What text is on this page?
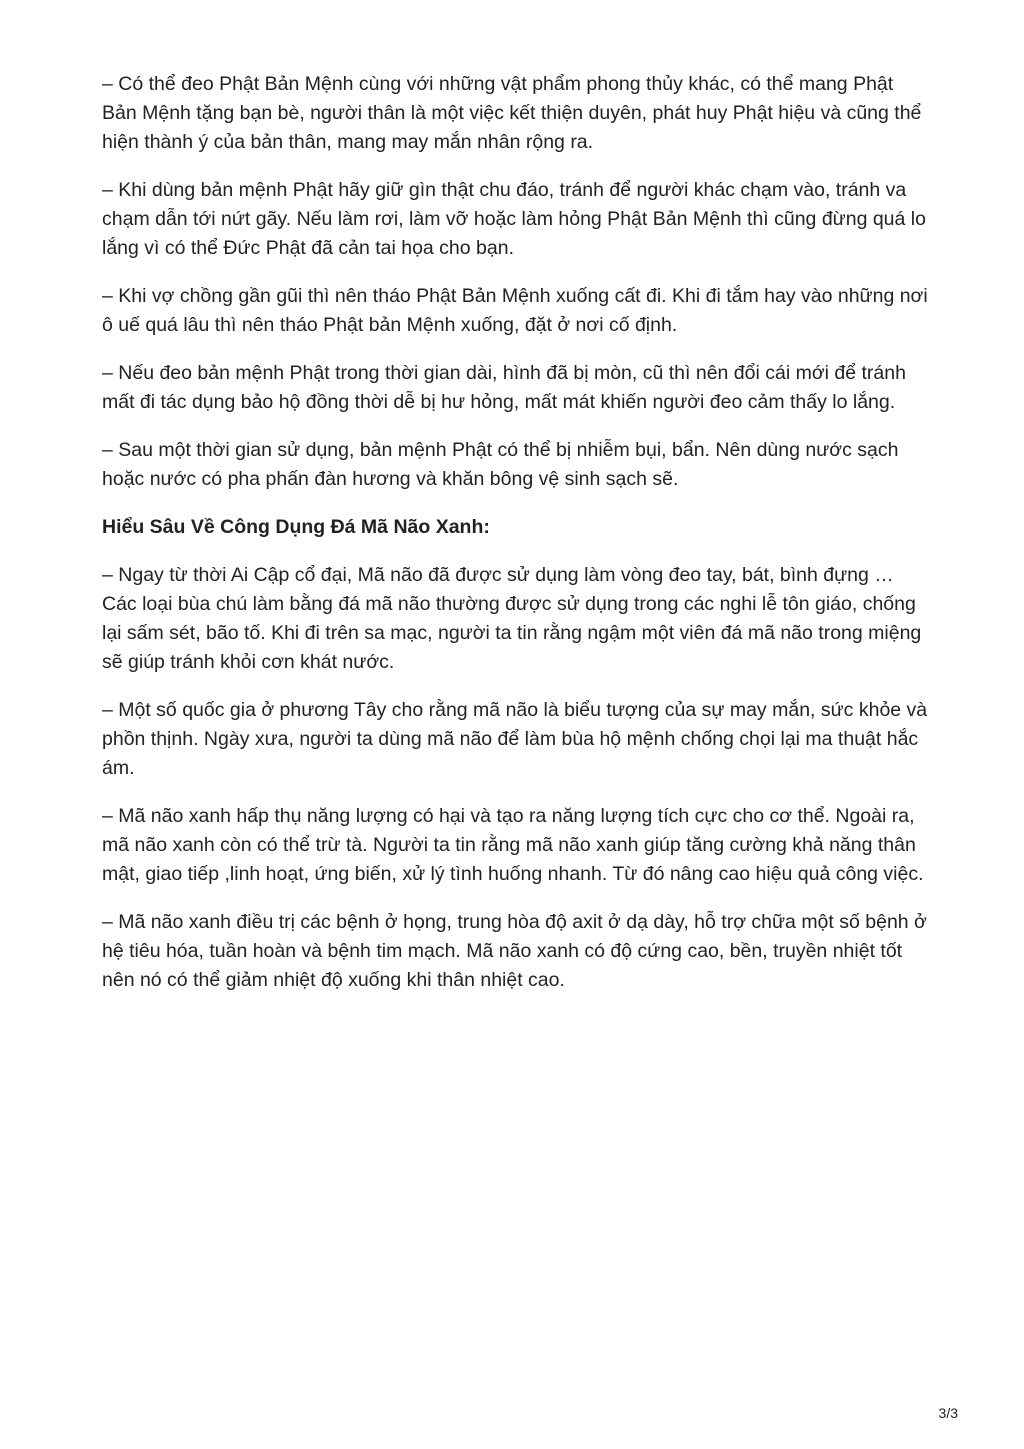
– Có thể đeo Phật Bản Mệnh cùng với những vật phẩm phong thủy khác, có thể mang Phật Bản Mệnh tặng bạn bè, người thân là một việc kết thiện duyên, phát huy Phật hiệu và cũng thể hiện thành ý của bản thân, mang may mắn nhân rộng ra.

– Khi dùng bản mệnh Phật hãy giữ gìn thật chu đáo, tránh để người khác chạm vào, tránh va chạm dẫn tới nứt gãy. Nếu làm rơi, làm vỡ hoặc làm hỏng Phật Bản Mệnh thì cũng đừng quá lo lắng vì có thể Đức Phật đã cản tai họa cho bạn.

– Khi vợ chồng gần gũi thì nên tháo Phật Bản Mệnh xuống cất đi. Khi đi tắm hay vào những nơi ô uế quá lâu thì nên tháo Phật bản Mệnh xuống, đặt ở nơi cố định.

– Nếu đeo bản mệnh Phật trong thời gian dài, hình đã bị mòn, cũ thì nên đổi cái mới để tránh mất đi tác dụng bảo hộ đồng thời dễ bị hư hỏng, mất mát khiến người đeo cảm thấy lo lắng.

– Sau một thời gian sử dụng, bản mệnh Phật có thể bị nhiễm bụi, bẩn. Nên dùng nước sạch hoặc nước có pha phấn đàn hương và khăn bông vệ sinh sạch sẽ.

Hiểu Sâu Về Công Dụng Đá Mã Não Xanh:

– Ngay từ thời Ai Cập cổ đại, Mã não đã được sử dụng làm vòng đeo tay, bát, bình đựng … Các loại bùa chú làm bằng đá mã não thường được sử dụng trong các nghi lễ tôn giáo, chống lại sấm sét, bão tố. Khi đi trên sa mạc, người ta tin rằng ngậm một viên đá mã não trong miệng sẽ giúp tránh khỏi cơn khát nước.

– Một số quốc gia ở phương Tây cho rằng mã não là biểu tượng của sự may mắn, sức khỏe và phồn thịnh. Ngày xưa, người ta dùng mã não để làm bùa hộ mệnh chống chọi lại ma thuật hắc ám.

– Mã não xanh hấp thụ năng lượng có hại và tạo ra năng lượng tích cực cho cơ thể. Ngoài ra, mã não xanh còn có thể trừ tà. Người ta tin rằng mã não xanh giúp tăng cường khả năng thân mật, giao tiếp ,linh hoạt, ứng biến, xử lý tình huống nhanh. Từ đó nâng cao hiệu quả công việc.

– Mã não xanh điều trị các bệnh ở họng, trung hòa độ axit ở dạ dày, hỗ trợ chữa một số bệnh ở hệ tiêu hóa, tuần hoàn và bệnh tim mạch. Mã não xanh có độ cứng cao, bền, truyền nhiệt tốt nên nó có thể giảm nhiệt độ xuống khi thân nhiệt cao.

3/3
